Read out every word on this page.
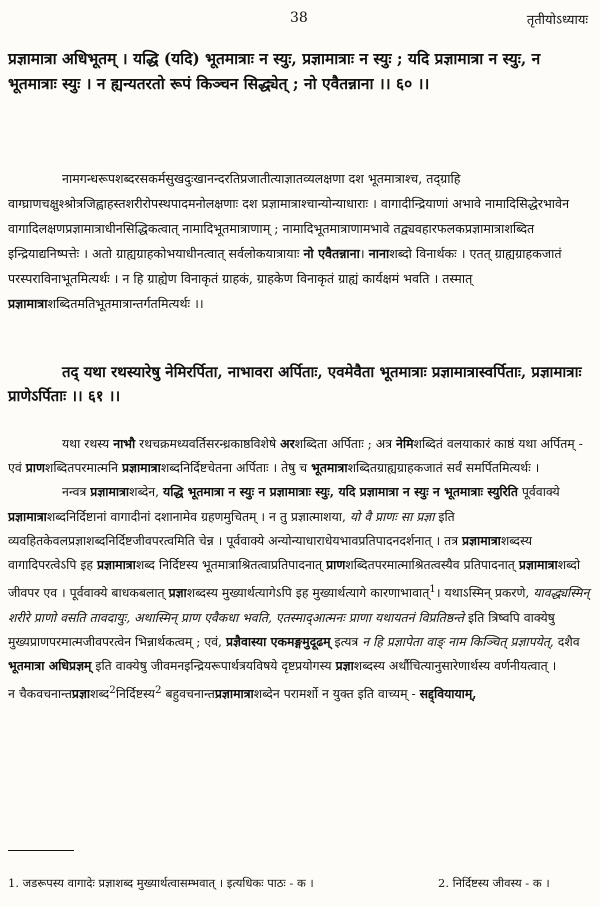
38	तृतीयोऽध्यायः

प्रज्ञामात्रा अधिभूतम् । यद्धि (यदि) भूतमात्राः न स्युः, प्रज्ञामात्राः न स्युः ; यदि प्रज्ञामात्रा न स्युः, न भूतमात्राः स्युः । न ह्यन्यतरतो रूपं किञ्चन सिद्ध्येत् ; नो एवैतन्नाना ।। ६० ।।

नामगन्धरूपशब्दरसकर्मसुखदुःखानन्दरतिप्रजातीत्याज्ञातव्यलक्षणा दश भूतमात्राश्च, तद्ग्राहि वाग्घ्राणचक्षुश्श्रोत्रजिह्वाहस्तशरीरोपस्थपादमनोलक्षणाः दश प्रज्ञामात्राश्चान्योन्याधाराः । वागादीन्द्रियाणां अभावे नामादिसिद्धेरभावेन वागादिलक्षणप्रज्ञामात्राधीनसिद्धिकत्वात् नामादिभूतमात्राणाम् ; नामादिभूतमात्राणामभावे तद्व्यवहारफलकप्रज्ञामात्राशब्दित इन्द्रियाद्यनिष्पत्तेः । अतो ग्राह्यग्राहकोभयाधीनत्वात् सर्वलोकयात्रायाः नो एवैतन्नाना। नानाशब्दो विनार्थकः । एतत् ग्राह्यग्राहकजातं परस्पराविनाभूतमित्यर्थः । न हि ग्राह्येण विनाकृतं ग्राहकं, ग्राहकेण विनाकृतं ग्राह्यं कार्यक्षमं भवति । तस्मात् प्रज्ञामात्राशब्दितमतिभूतमात्रान्तर्गतमित्यर्थः ।।

तद् यथा रथस्यारेषु नेमिरर्पिता, नाभावरा अर्पिताः, एवमेवैता भूतमात्राः प्रज्ञामात्रास्वर्पिताः, प्रज्ञामात्राः प्राणेऽर्पिताः ।। ६१ ।।

यथा रथस्य नाभौ रथचक्रमध्यवर्तिसरन्ध्रकाष्ठविशेषे अरशब्दिता अर्पिताः ; अत्र नेमिशब्दितं वलयाकारं काष्ठं यथा अर्पितम् - एवं प्राणशब्दितपरमात्मनि प्रज्ञामात्राशब्दनिर्दिष्टचेतना अर्पिताः । तेषु च भूतमात्राशब्दितग्राह्यग्राहकजातं सर्वं समर्पितमित्यर्थः ।

नन्वत्र प्रज्ञामात्राशब्देन, यद्धि भूतमात्रा न स्युः न प्रज्ञामात्राः स्युः, यदि प्रज्ञामात्रा न स्युः न भूतमात्राः स्युरिति पूर्ववाक्ये प्रज्ञामात्राशब्दनिर्दिष्टानां वागादीनां दशानामेव ग्रहणमुचितम् । न तु प्रज्ञात्माशया, यो वै प्राणः सा प्रज्ञा इति व्यवहितकेवलप्रज्ञाशब्दनिर्दिष्टजीवपरत्वमिति चेन्न । पूर्ववाक्ये अन्योन्याधाराधेयभावप्रतिपादनदर्शनात् । तत्र प्रज्ञामात्राशब्दस्य वागादिपरत्वेऽपि इह प्रज्ञामात्राशब्द निर्दिष्टस्य भूतमात्राश्रितत्वाप्रतिपादनात् प्राणशब्दितपरमात्माश्रितत्वस्यैव प्रतिपादनात् प्रज्ञामात्राशब्दो जीवपर एव । पूर्ववाक्ये बाधकबलात् प्रज्ञाशब्दस्य मुख्यार्थत्यागेऽपि इह मुख्यार्थत्यागे कारणाभावात्$^1$। यथाऽस्मिन् प्रकरणे, यावद्ध्यस्मिन् शरीरे प्राणो वसति तावदायुः, अथास्मिन् प्राण एवैकधा भवति, एतस्माद्आत्मनः प्राणा यथायतनं विप्रतिष्ठन्ते इति त्रिष्वपि वाक्येषु मुख्यप्राणपरमात्मजीवपरत्वेन भिन्नार्थकत्वम् ; एवं, प्रज्ञैवास्या एकमङ्गमुदूढम् इत्यत्र न हि प्रज्ञापेता वाङ् नाम किञ्चित् प्रज्ञापयेत्, दशैव भूतमात्रा अधिप्रज्ञम् इति वाक्येषु जीवमनइन्द्रियरूपार्थत्रयविषये दृष्टप्रयोगस्य प्रज्ञाशब्दस्य अर्थौचित्यानुसारेणार्थस्य वर्णनीयत्वात् ।

न चैकवचनान्तप्रज्ञाशब्द$^2$निर्दिष्टस्य$^2$ बहुवचनान्तप्रज्ञामात्राशब्देन परामर्शो न युक्त इति वाच्यम् - सद्द्वियायाम्,

1. जडरूपस्य वागादेः प्रज्ञाशब्द मुख्यार्थत्वासम्भवात् । इत्यधिकः पाठः - क ।	2. निर्दिष्टस्य जीवस्य - क ।
